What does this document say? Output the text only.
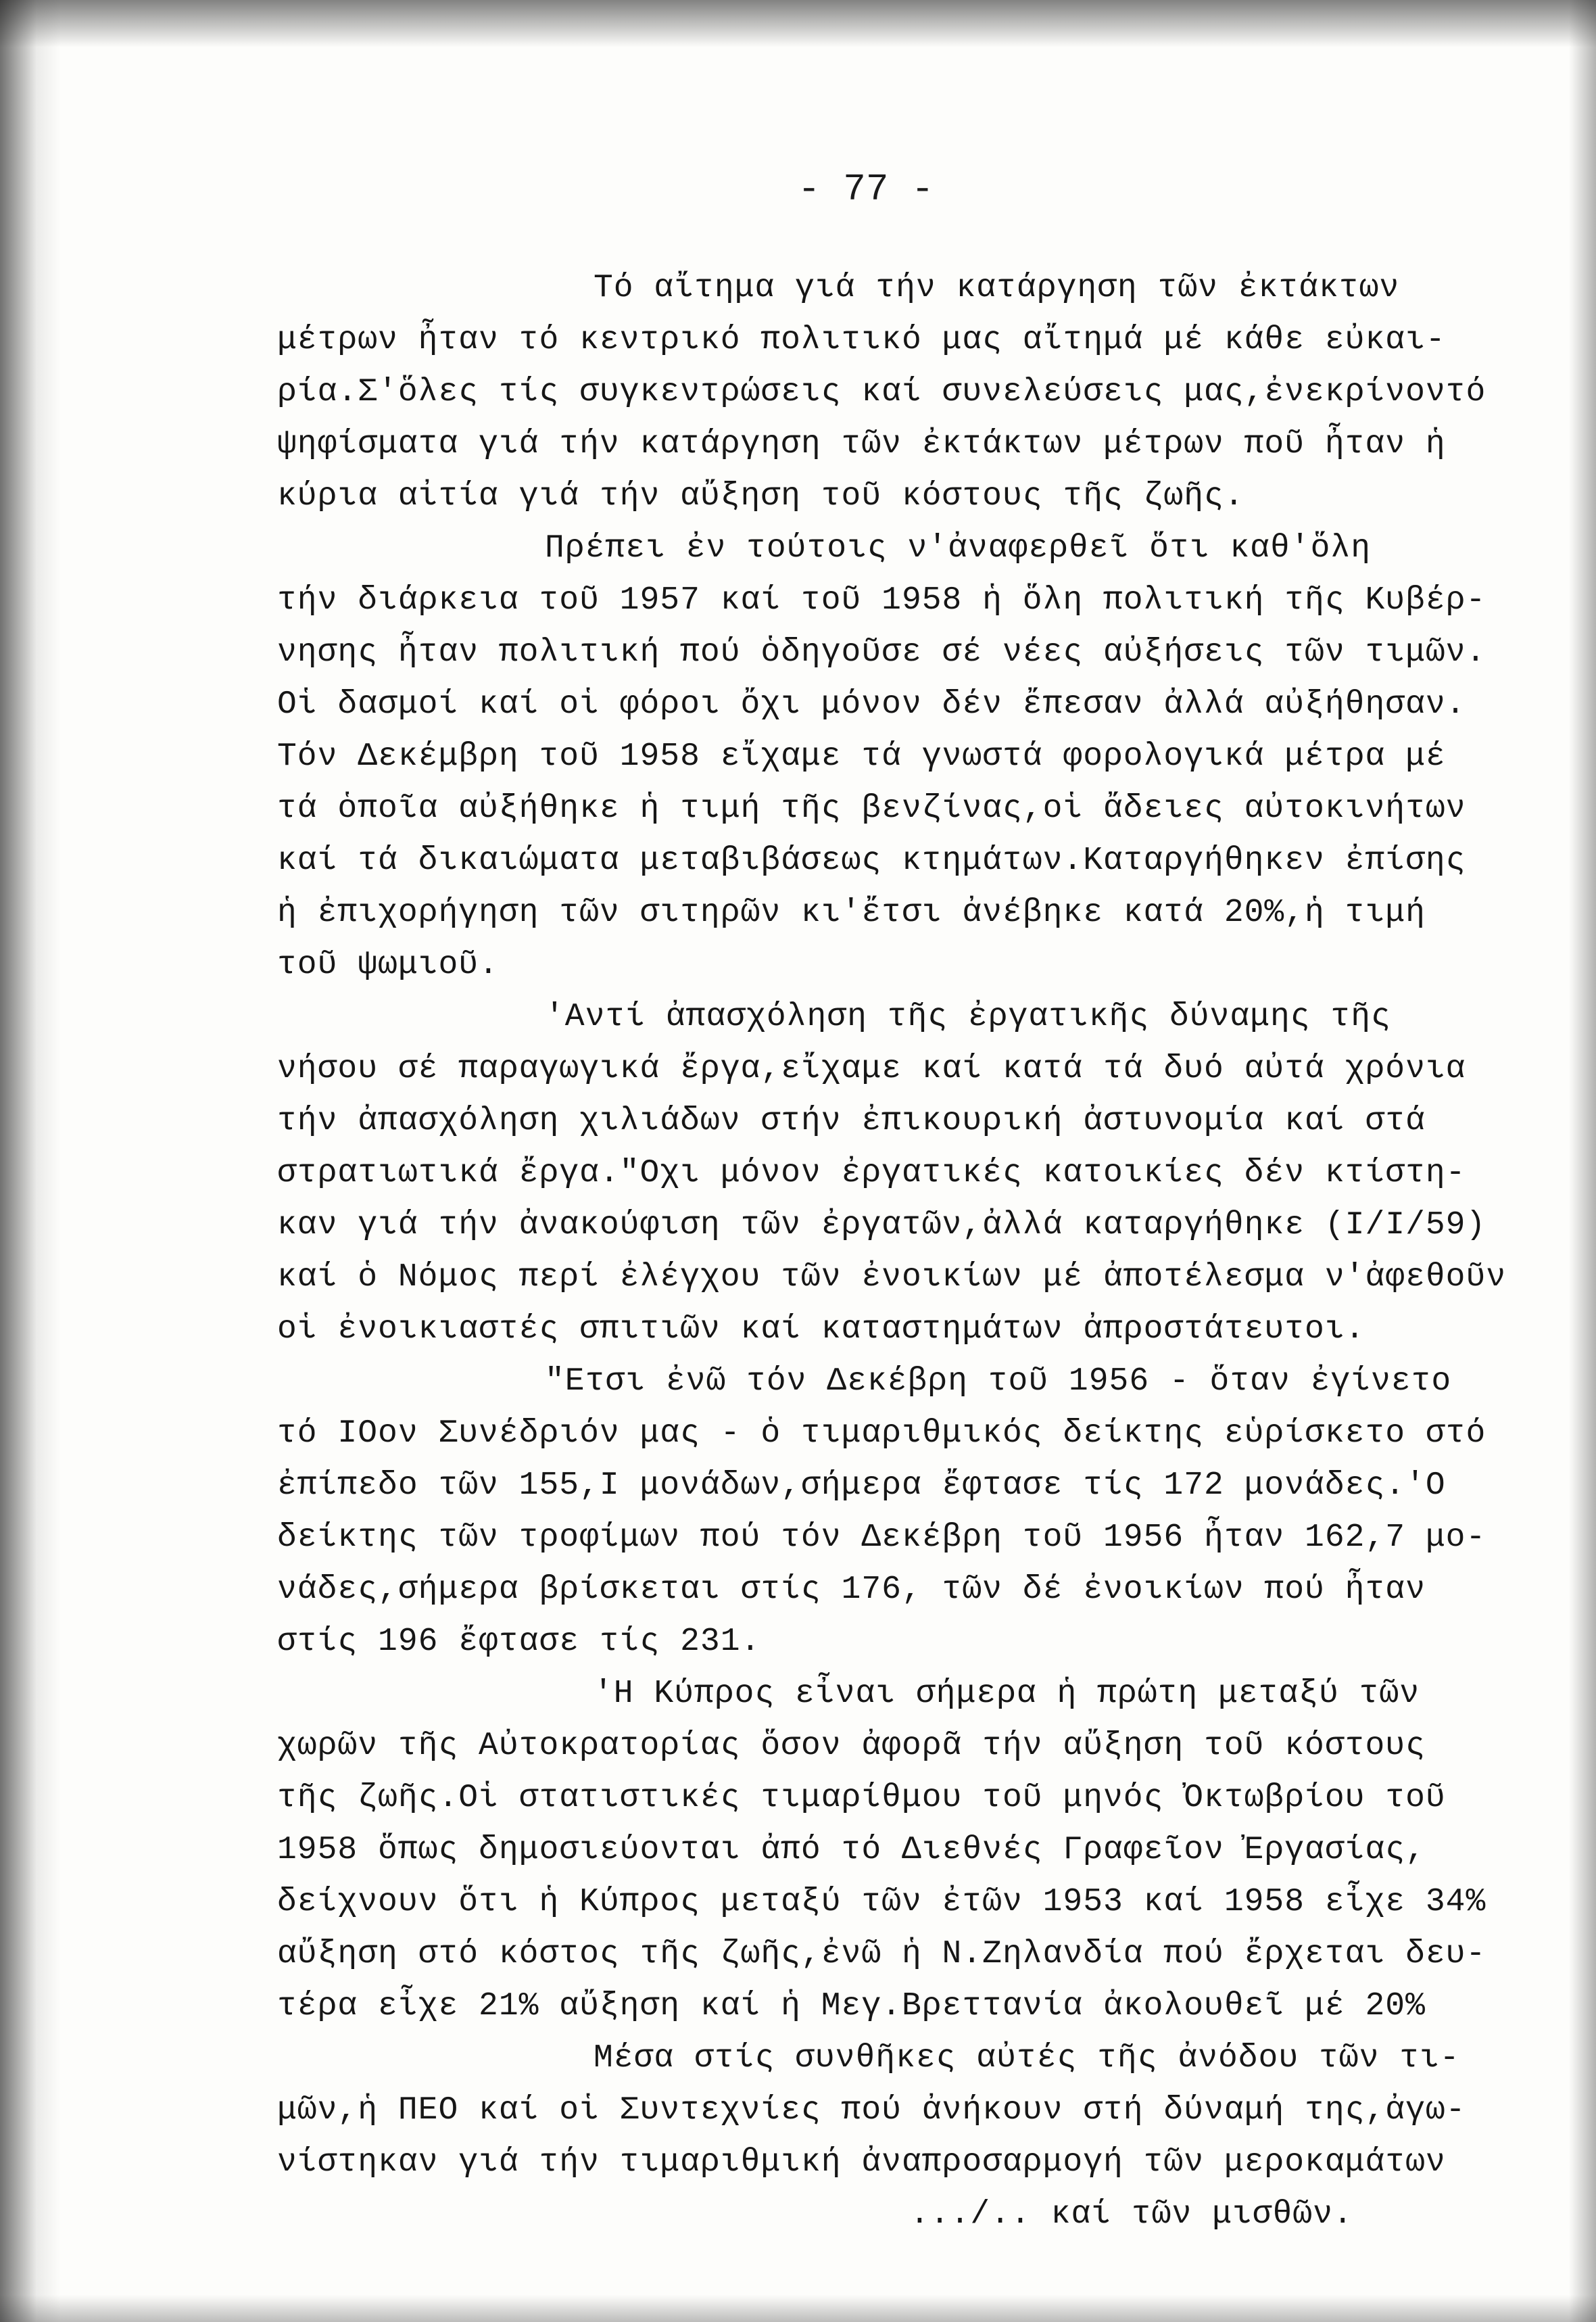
- 77 -
Τό αἴτημα γιά τήν κατάργηση τῶν ἐκτάκτων
μέτρων ἦταν τό κεντρικό πολιτικό μας αἴτημά μέ κάθε εὐκαι-
ρία.Σ'ὅλες τίς συγκεντρώσεις καί συνελεύσεις μας,ἐνεκρίνοντό
ψηφίσματα γιά τήν κατάργηση τῶν ἐκτάκτων μέτρων ποῦ ἦταν ἡ
κύρια αἰτία γιά τήν αὔξηση τοῦ κόστους τῆς ζωῆς.
Πρέπει ἐν τούτοις ν'ἀναφερθεῖ ὅτι καθ'ὅλη
τήν διάρκεια τοῦ 1957 καί τοῦ 1958 ἡ ὅλη πολιτική τῆς Κυβέρ-
νησης ἦταν πολιτική πού ὁδηγοῦσε σέ νέες αὐξήσεις τῶν τιμῶν.
Οἱ δασμοί καί οἱ φόροι ὄχι μόνον δέν ἔπεσαν ἀλλά αὐξήθησαν.
Τόν Δεκέμβρη τοῦ 1958 εἴχαμε τά γνωστά φορολογικά μέτρα μέ
τά ὁποῖα αὐξήθηκε ἡ τιμή τῆς βενζίνας,οἱ ἄδειες αὐτοκινήτων
καί τά δικαιώματα μεταβιβάσεως κτημάτων.Καταργήθηκεν ἐπίσης
ἡ ἐπιχορήγηση τῶν σιτηρῶν κι'ἔτσι ἀνέβηκε κατά 20%,ἡ τιμή
τοῦ ψωμιοῦ.
'Αντί ἀπασχόληση τῆς ἐργατικῆς δύναμης τῆς
νήσου σέ παραγωγικά ἔργα,εἴχαμε καί κατά τά δυό αὐτά χρόνια
τήν ἀπασχόληση χιλιάδων στήν ἐπικουρική ἀστυνομία καί στά
στρατιωτικά ἔργα."Οχι μόνον ἐργατικές κατοικίες δέν κτίστη-
καν γιά τήν ἀνακούφιση τῶν ἐργατῶν,ἀλλά καταργήθηκε (I/I/59)
καί ὁ Νόμος περί ἐλέγχου τῶν ἐνοικίων μέ ἀποτέλεσμα ν'ἀφεθοῦν
οἱ ἐνοικιαστές σπιτιῶν καί καταστημάτων ἀπροστάτευτοι.
"Ετσι ἐνῶ τόν Δεκέβρη τοῦ 1956 - ὅταν ἐγίνετο
τό IOον Συνέδριόν μας - ὁ τιμαριθμικός δείκτης εὑρίσκετο στό
ἐπίπεδο τῶν 155,I μονάδων,σήμερα ἔφτασε τίς 172 μονάδες.'Ο
δείκτης τῶν τροφίμων πού τόν Δεκέβρη τοῦ 1956 ἦταν 162,7 μο-
νάδες,σήμερα βρίσκεται στίς 176, τῶν δέ ἐνοικίων πού ἦταν
στίς 196 ἔφτασε τίς 231.
'Η Κύπρος εἶναι σήμερα ἡ πρώτη μεταξύ τῶν
χωρῶν τῆς Αὐτοκρατορίας ὅσον ἀφορᾶ τήν αὔξηση τοῦ κόστους
τῆς ζωῆς.Οἱ στατιστικές τιμαρίθμου τοῦ μηνός Ὀκτωβρίου τοῦ
1958 ὅπως δημοσιεύονται ἀπό τό Διεθνές Γραφεῖον Ἐργασίας,
δείχνουν ὅτι ἡ Κύπρος μεταξύ τῶν ἐτῶν 1953 καί 1958 εἶχε 34%
αὔξηση στό κόστος τῆς ζωῆς,ἐνῶ ἡ Ν.Ζηλανδία πού ἔρχεται δευ-
τέρα εἶχε 21% αὔξηση καί ἡ Μεγ.Βρεττανία ἀκολουθεῖ μέ 20%
Μέσα στίς συνθῆκες αὐτές τῆς ἀνόδου τῶν τι-
μῶν,ἡ ΠΕΟ καί οἱ Συντεχνίες πού ἀνήκουν στή δύναμή της,ἀγω-
νίστηκαν γιά τήν τιμαριθμική ἀναπροσαρμογή τῶν μεροκαμάτων
.../.. καί τῶν μισθῶν.
